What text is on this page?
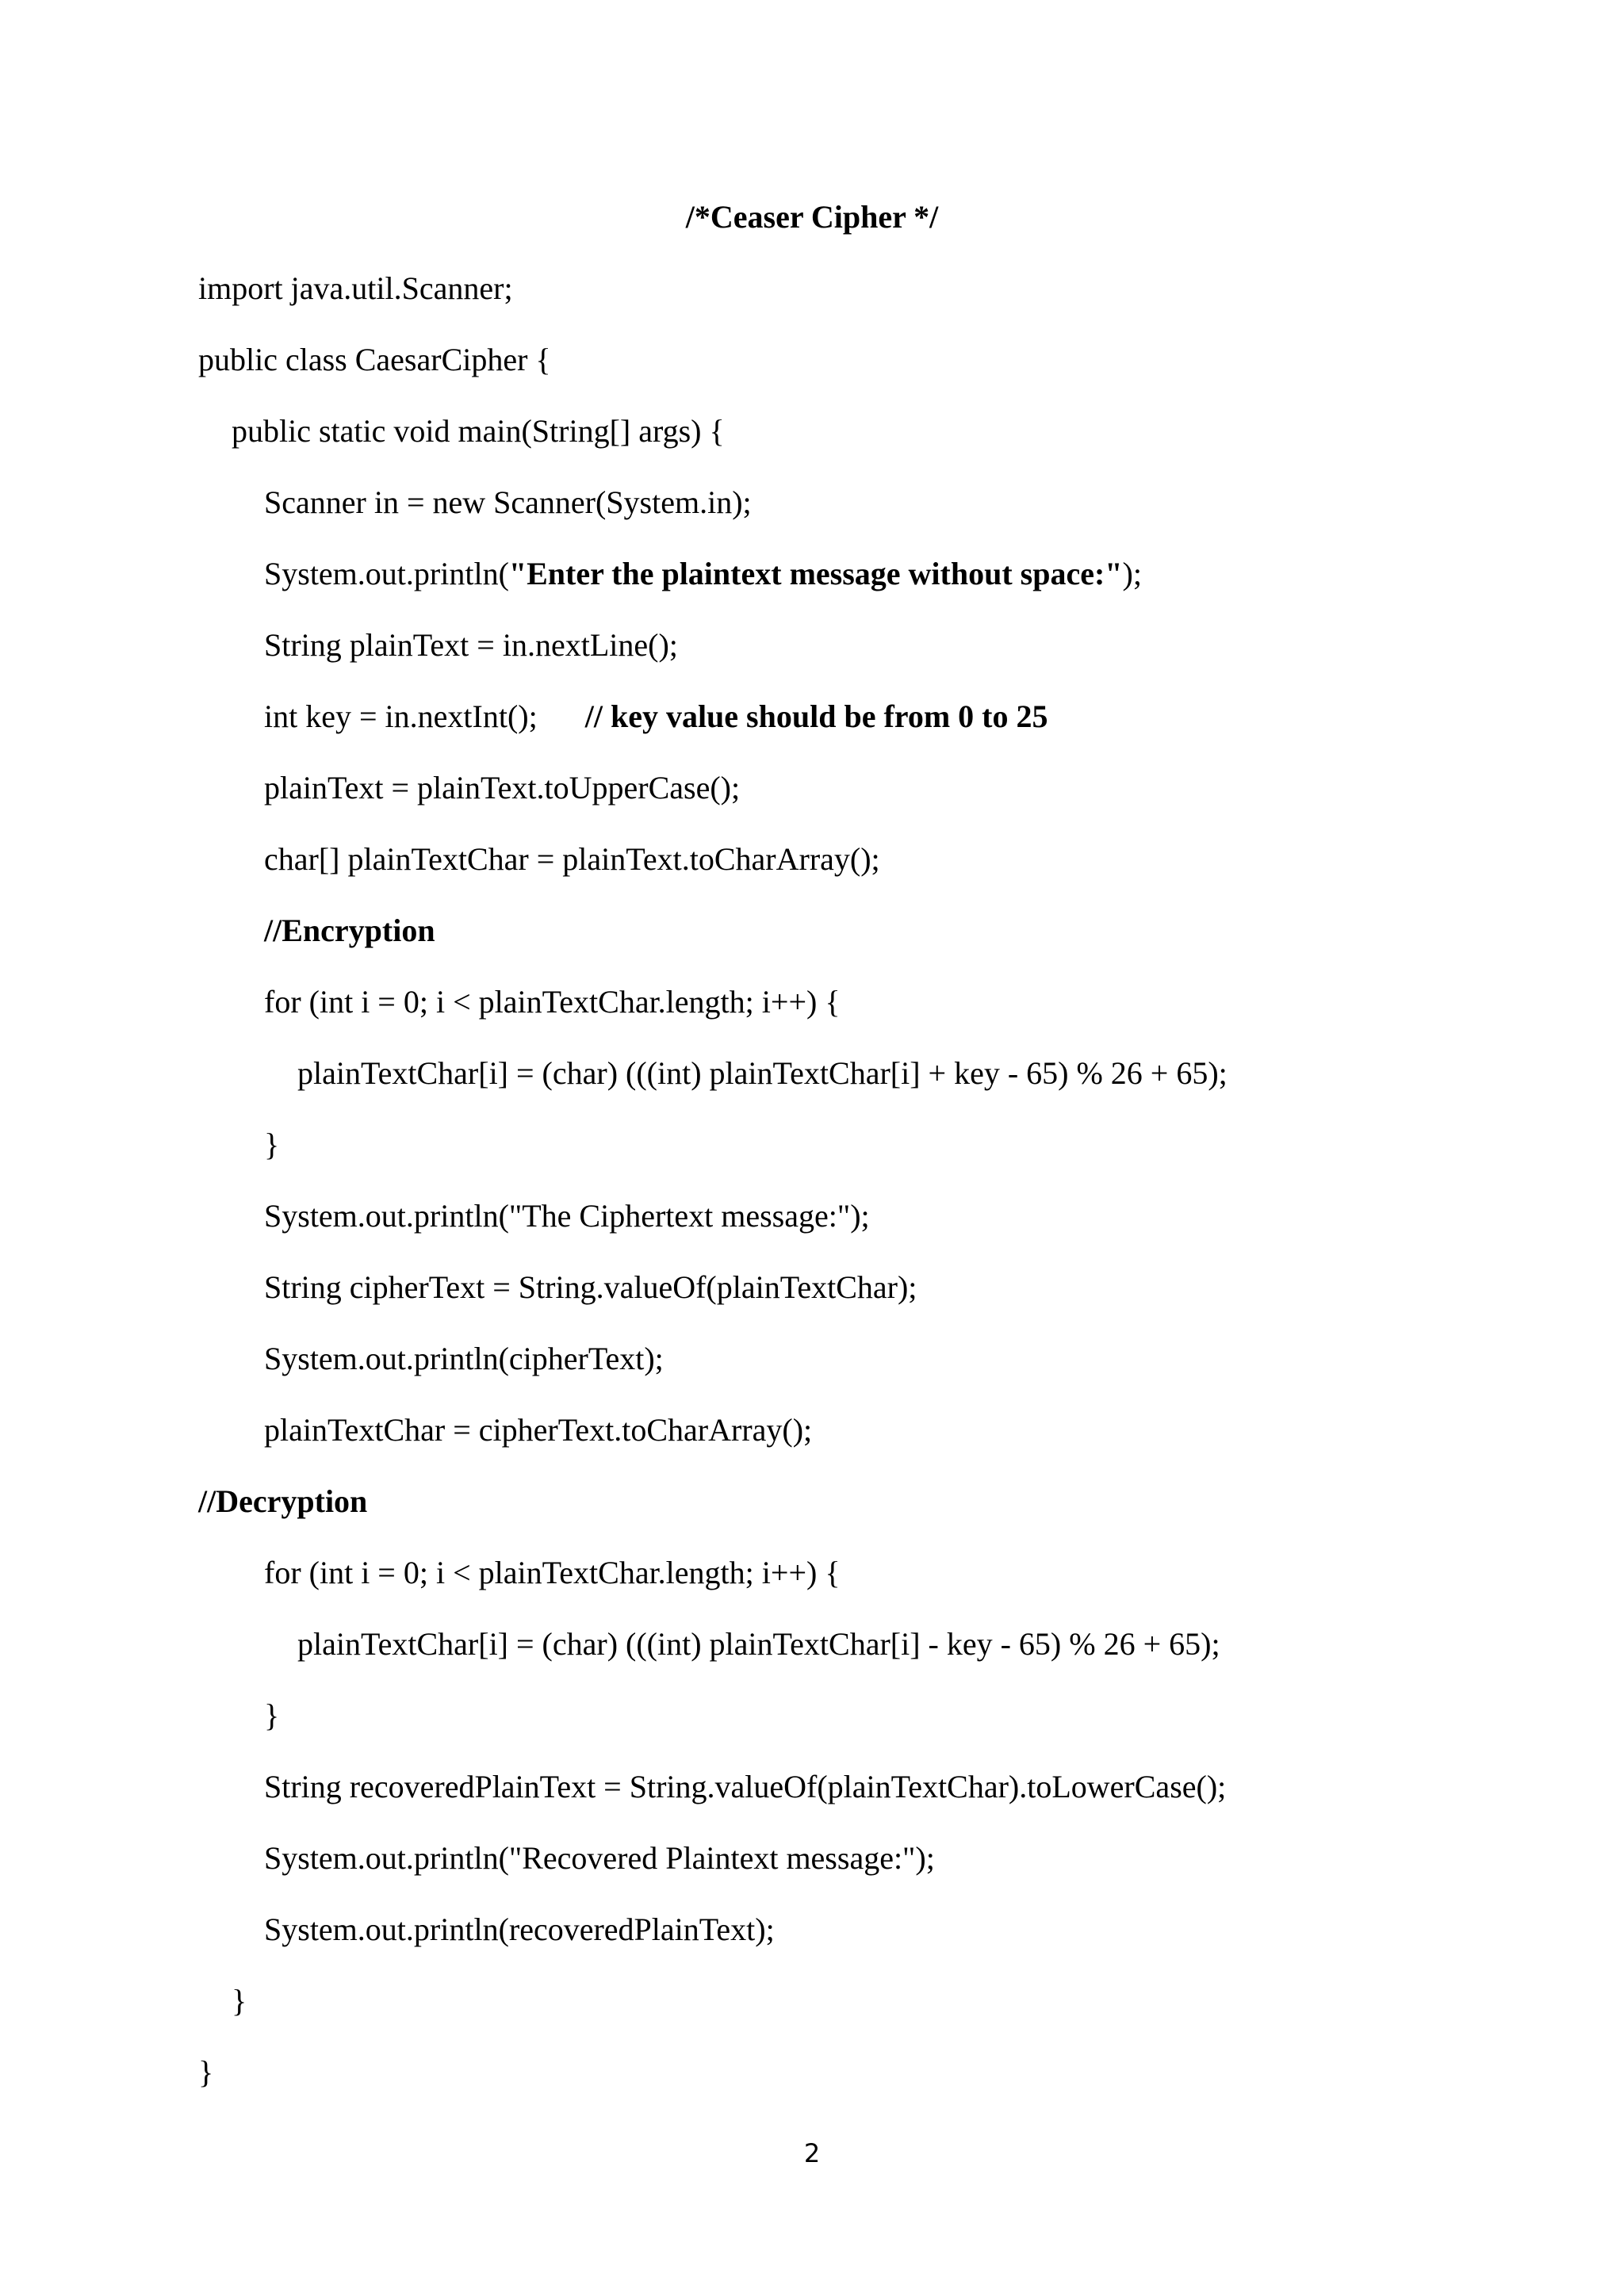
/*Ceaser Cipher */
import java.util.Scanner;
public class CaesarCipher {
public static void main(String[] args) {
Scanner in = new Scanner(System.in);
System.out.println("Enter the plaintext message without space:");
String plainText = in.nextLine();
int key = in.nextInt(); // key value should be from 0 to 25
plainText = plainText.toUpperCase();
char[] plainTextChar = plainText.toCharArray();
//Encryption
for (int i = 0; i < plainTextChar.length; i++) {
plainTextChar[i] = (char) (((int) plainTextChar[i] + key - 65) % 26 + 65);
}
System.out.println("The Ciphertext message:");
String cipherText = String.valueOf(plainTextChar);
System.out.println(cipherText);
plainTextChar = cipherText.toCharArray();
//Decryption
for (int i = 0; i < plainTextChar.length; i++) {
plainTextChar[i] = (char) (((int) plainTextChar[i] - key - 65) % 26 + 65);
}
String recoveredPlainText = String.valueOf(plainTextChar).toLowerCase();
System.out.println("Recovered Plaintext message:");
System.out.println(recoveredPlainText);
}
}
2
